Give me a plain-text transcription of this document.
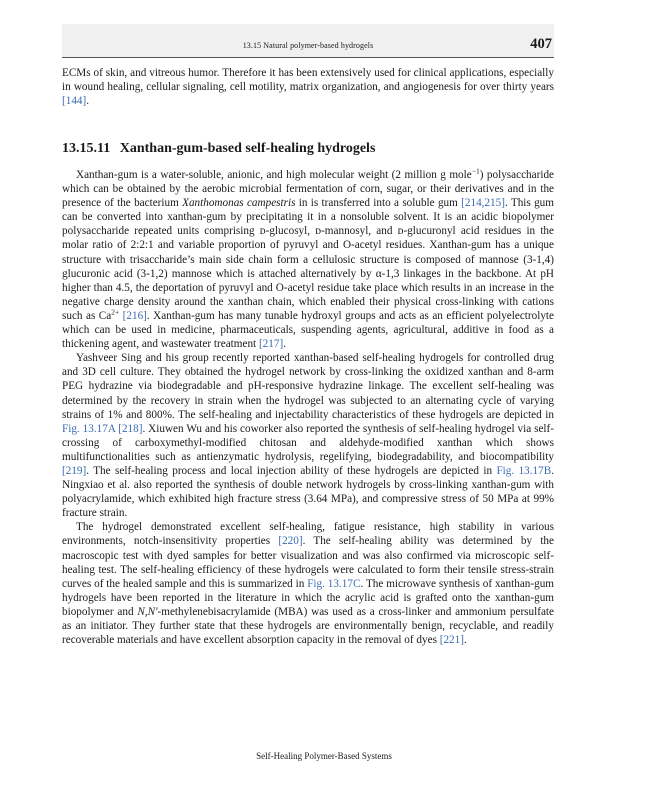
13.15 Natural polymer-based hydrogels	407

ECMs of skin, and vitreous humor. Therefore it has been extensively used for clinical applications, especially in wound healing, cellular signaling, cell motility, matrix organization, and angiogenesis for over thirty years [144].

13.15.11 Xanthan-gum-based self-healing hydrogels

Xanthan-gum is a water-soluble, anionic, and high molecular weight (2 million g mole$^{-1}$) polysaccharide which can be obtained by the aerobic microbial fermentation of corn, sugar, or their derivatives and in the presence of the bacterium Xanthomonas campestris in is transferred into a soluble gum [214,215]. This gum can be converted into xanthan-gum by precipitating it in a nonsoluble solvent. It is an acidic biopolymer polysaccharide repeated units comprising ᴅ-glucosyl, ᴅ-mannosyl, and ᴅ-glucuronyl acid residues in the molar ratio of 2:2:1 and variable proportion of pyruvyl and O-acetyl residues. Xanthan-gum has a unique structure with trisaccharide’s main side chain form a cellulosic structure is composed of mannose (3-1,4) glucuronic acid (3-1,2) mannose which is attached alternatively by α-1,3 linkages in the backbone. At pH higher than 4.5, the deportation of pyruvyl and O-acetyl residue take place which results in an increase in the negative charge density around the xanthan chain, which enabled their physical cross-linking with cations such as $Ca^{2+}$ [216]. Xanthan-gum has many tunable hydroxyl groups and acts as an efficient polyelectrolyte which can be used in medicine, pharmaceuticals, suspending agents, agricultural, additive in food as a thickening agent, and wastewater treatment [217].

Yashveer Sing and his group recently reported xanthan-based self-healing hydrogels for controlled drug and 3D cell culture. They obtained the hydrogel network by cross-linking the oxidized xanthan and 8-arm PEG hydrazine via biodegradable and pH-responsive hydrazine linkage. The excellent self-healing was determined by the recovery in strain when the hydrogel was subjected to an alternating cycle of varying strains of 1% and 800%. The self-healing and injectability characteristics of these hydrogels are depicted in Fig. 13.17A [218]. Xiuwen Wu and his coworker also reported the synthesis of self-healing hydrogel via self-crossing of carboxymethyl-modified chitosan and aldehyde-modified xanthan which shows multifunctionalities such as antienzymatic hydrolysis, regelifying, biodegradability, and biocompatibility [219]. The self-healing process and local injection ability of these hydrogels are depicted in Fig. 13.17B. Ningxiao et al. also reported the synthesis of double network hydrogels by cross-linking xanthan-gum with polyacrylamide, which exhibited high fracture stress (3.64 MPa), and compressive stress of 50 MPa at 99% fracture strain.

The hydrogel demonstrated excellent self-healing, fatigue resistance, high stability in various environments, notch-insensitivity properties [220]. The self-healing ability was determined by the macroscopic test with dyed samples for better visualization and was also confirmed via microscopic self-healing test. The self-healing efficiency of these hydrogels were calculated to form their tensile stress-strain curves of the healed sample and this is summarized in Fig. 13.17C. The microwave synthesis of xanthan-gum hydrogels have been reported in the literature in which the acrylic acid is grafted onto the xanthan-gum biopolymer and N,N′-methylenebisacrylamide (MBA) was used as a cross-linker and ammonium persulfate as an initiator. They further state that these hydrogels are environmentally benign, recyclable, and readily recoverable materials and have excellent absorption capacity in the removal of dyes [221].

Self-Healing Polymer-Based Systems
